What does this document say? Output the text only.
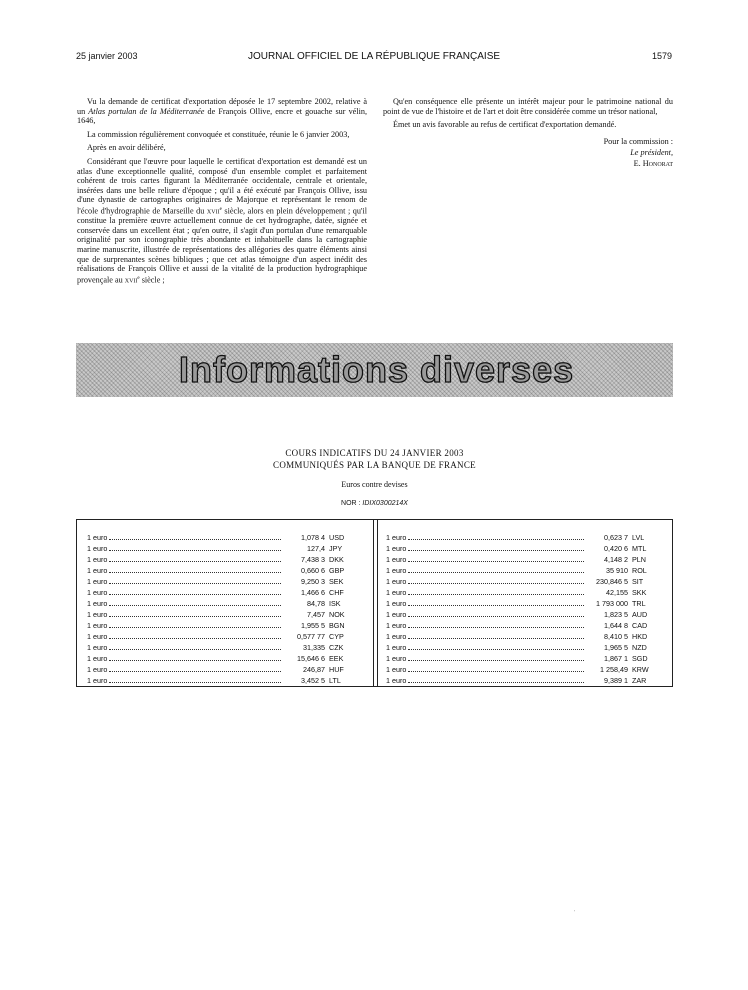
25 janvier 2003	JOURNAL OFFICIEL DE LA RÉPUBLIQUE FRANÇAISE	1579

Vu la demande de certificat d'exportation déposée le 17 septembre 2002, relative à un Atlas portulan de la Méditerranée de François Ollive, encre et gouache sur vélin, 1646,

La commission régulièrement convoquée et constituée, réunie le 6 janvier 2003,

Après en avoir délibéré,

Considérant que l'œuvre pour laquelle le certificat d'exportation est demandé est un atlas d'une exceptionnelle qualité, composé d'un ensemble complet et parfaitement cohérent de trois cartes figurant la Méditerranée occidentale, centrale et orientale, insérées dans une belle reliure d'époque ; qu'il a été exécuté par François Ollive, issu d'une dynastie de cartographes originaires de Majorque et représentant le renom de l'école d'hydrographie de Marseille du xvii$^e$ siècle, alors en plein développement ; qu'il constitue la première œuvre actuellement connue de cet hydrographe, datée, signée et conservée dans un excellent état ; qu'en outre, il s'agit d'un portulan d'une remarquable originalité par son iconographie très abondante et inhabituelle dans la cartographie marine manuscrite, illustrée de représentations des allégories des quatre éléments ainsi que de surprenantes scènes bibliques ; que cet atlas témoigne d'un aspect inédit des réalisations de François Ollive et aussi de la vitalité de la production hydrographique provençale au xvii$^e$ siècle ;

Qu'en conséquence elle présente un intérêt majeur pour le patrimoine national du point de vue de l'histoire et de l'art et doit être considérée comme un trésor national,

Émet un avis favorable au refus de certificat d'exportation demandé.

Pour la commission :
Le président,
E. Honorat
Informations diverses
COURS INDICATIFS DU 24 JANVIER 2003
COMMUNIQUÉS PAR LA BANQUE DE FRANCE
Euros contre devises
NOR : IDIX0300214X
1 euro	1,078 4 USD
1 euro	127,4 JPY
1 euro	7,438 3 DKK
1 euro	0,660 6 GBP
1 euro	9,250 3 SEK
1 euro	1,466 6 CHF
1 euro	84,78 ISK
1 euro	7,457 NOK
1 euro	1,955 5 BGN
1 euro	0,577 77 CYP
1 euro	31,335 CZK
1 euro	15,646 6 EEK
1 euro	246,87 HUF
1 euro	3,452 5 LTL
1 euro	0,623 7 LVL
1 euro	0,420 6 MTL
1 euro	4,148 2 PLN
1 euro	35 910 ROL
1 euro	230,846 5 SIT
1 euro	42,155 SKK
1 euro	1 793 000 TRL
1 euro	1,823 5 AUD
1 euro	1,644 8 CAD
1 euro	8,410 5 HKD
1 euro	1,965 5 NZD
1 euro	1,867 1 SGD
1 euro	1 258,49 KRW
1 euro	9,389 1 ZAR
'
